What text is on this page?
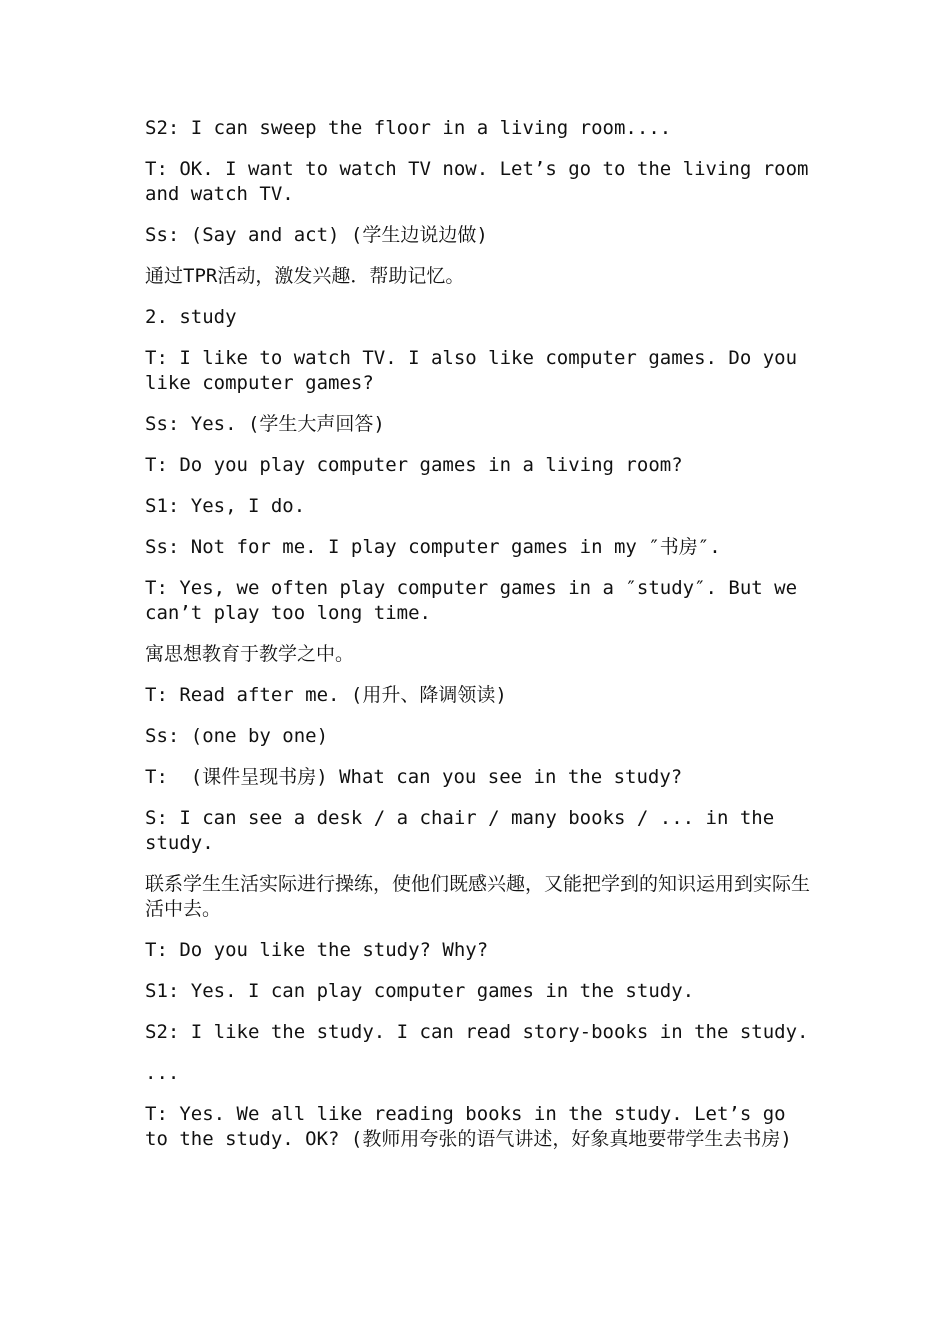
S2: I can sweep the floor in a living room....

T: OK. I want to watch TV now. Let’s go to the living room and watch TV.

Ss: (Say and act) (学生边说边做)

通过TPR活动，激发兴趣．帮助记忆。

2. study

T: I like to watch TV. I also like computer games. Do you like computer games?

Ss: Yes. (学生大声回答)

T: Do you play computer games in a living room?

S1: Yes, I do.

Ss: Not for me. I play computer games in my ″书房″.

T: Yes, we often play computer games in a ″study″. But we can’t play too long time.

寓思想教育于教学之中。

T: Read after me. (用升、降调领读)

Ss: (one by one)

T:  (课件呈现书房) What can you see in the study?

S: I can see a desk / a chair / many books / ... in the study.

联系学生生活实际进行操练，使他们既感兴趣，又能把学到的知识运用到实际生活中去。

T: Do you like the study? Why?

S1: Yes. I can play computer games in the study.

S2: I like the study. I can read story-books in the study.

...

T: Yes. We all like reading books in the study. Let’s go to the study. OK? (教师用夸张的语气讲述，好象真地要带学生去书房)
